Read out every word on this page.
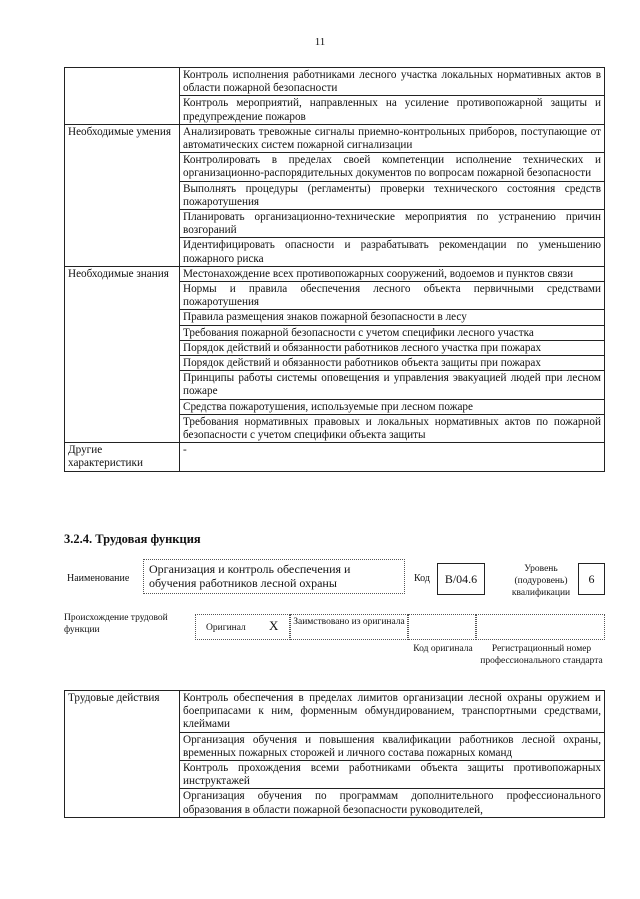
11
	Контроль исполнения работниками лесного участка локальных нормативных актов в области пожарной безопасности
	Контроль мероприятий, направленных на усиление противопожарной защиты и предупреждение пожаров
Необходимые умения	Анализировать тревожные сигналы приемно-контрольных приборов, поступающие от автоматических систем пожарной сигнализации
	Контролировать в пределах своей компетенции исполнение технических и организационно-распорядительных документов по вопросам пожарной безопасности
	Выполнять процедуры (регламенты) проверки технического состояния средств пожаротушения
	Планировать организационно-технические мероприятия по устранению причин возгораний
	Идентифицировать опасности и разрабатывать рекомендации по уменьшению пожарного риска
Необходимые знания	Местонахождение всех противопожарных сооружений, водоемов и пунктов связи
	Нормы и правила обеспечения лесного объекта первичными средствами пожаротушения
	Правила размещения знаков пожарной безопасности в лесу
	Требования пожарной безопасности с учетом специфики лесного участка
	Порядок действий и обязанности работников лесного участка при пожарах
	Порядок действий и обязанности работников объекта защиты при пожарах
	Принципы работы системы оповещения и управления эвакуацией людей при лесном пожаре
	Средства пожаротушения, используемые при лесном пожаре
	Требования нормативных правовых и локальных нормативных актов по пожарной безопасности с учетом специфики объекта защиты
Другие характеристики	-
3.2.4. Трудовая функция
Наименование
Организация и контроль обеспечения и обучения работников лесной охраны	Код	B/04.6
Уровень (подуровень) квалификации
6
Происхождение трудовой функции	Оригинал X	Заимствовано из оригинала
Код оригинала	Регистрационный номер профессионального стандарта
Трудовые действия	Контроль обеспечения в пределах лимитов организации лесной охраны оружием и боеприпасами к ним, форменным обмундированием, транспортными средствами, клеймами
Организация обучения и повышения квалификации работников лесной охраны, временных пожарных сторожей и личного состава пожарных команд
Контроль прохождения всеми работниками объекта защиты противопожарных инструктажей
Организация обучения по программам дополнительного профессионального образования в области пожарной безопасности руководителей,
